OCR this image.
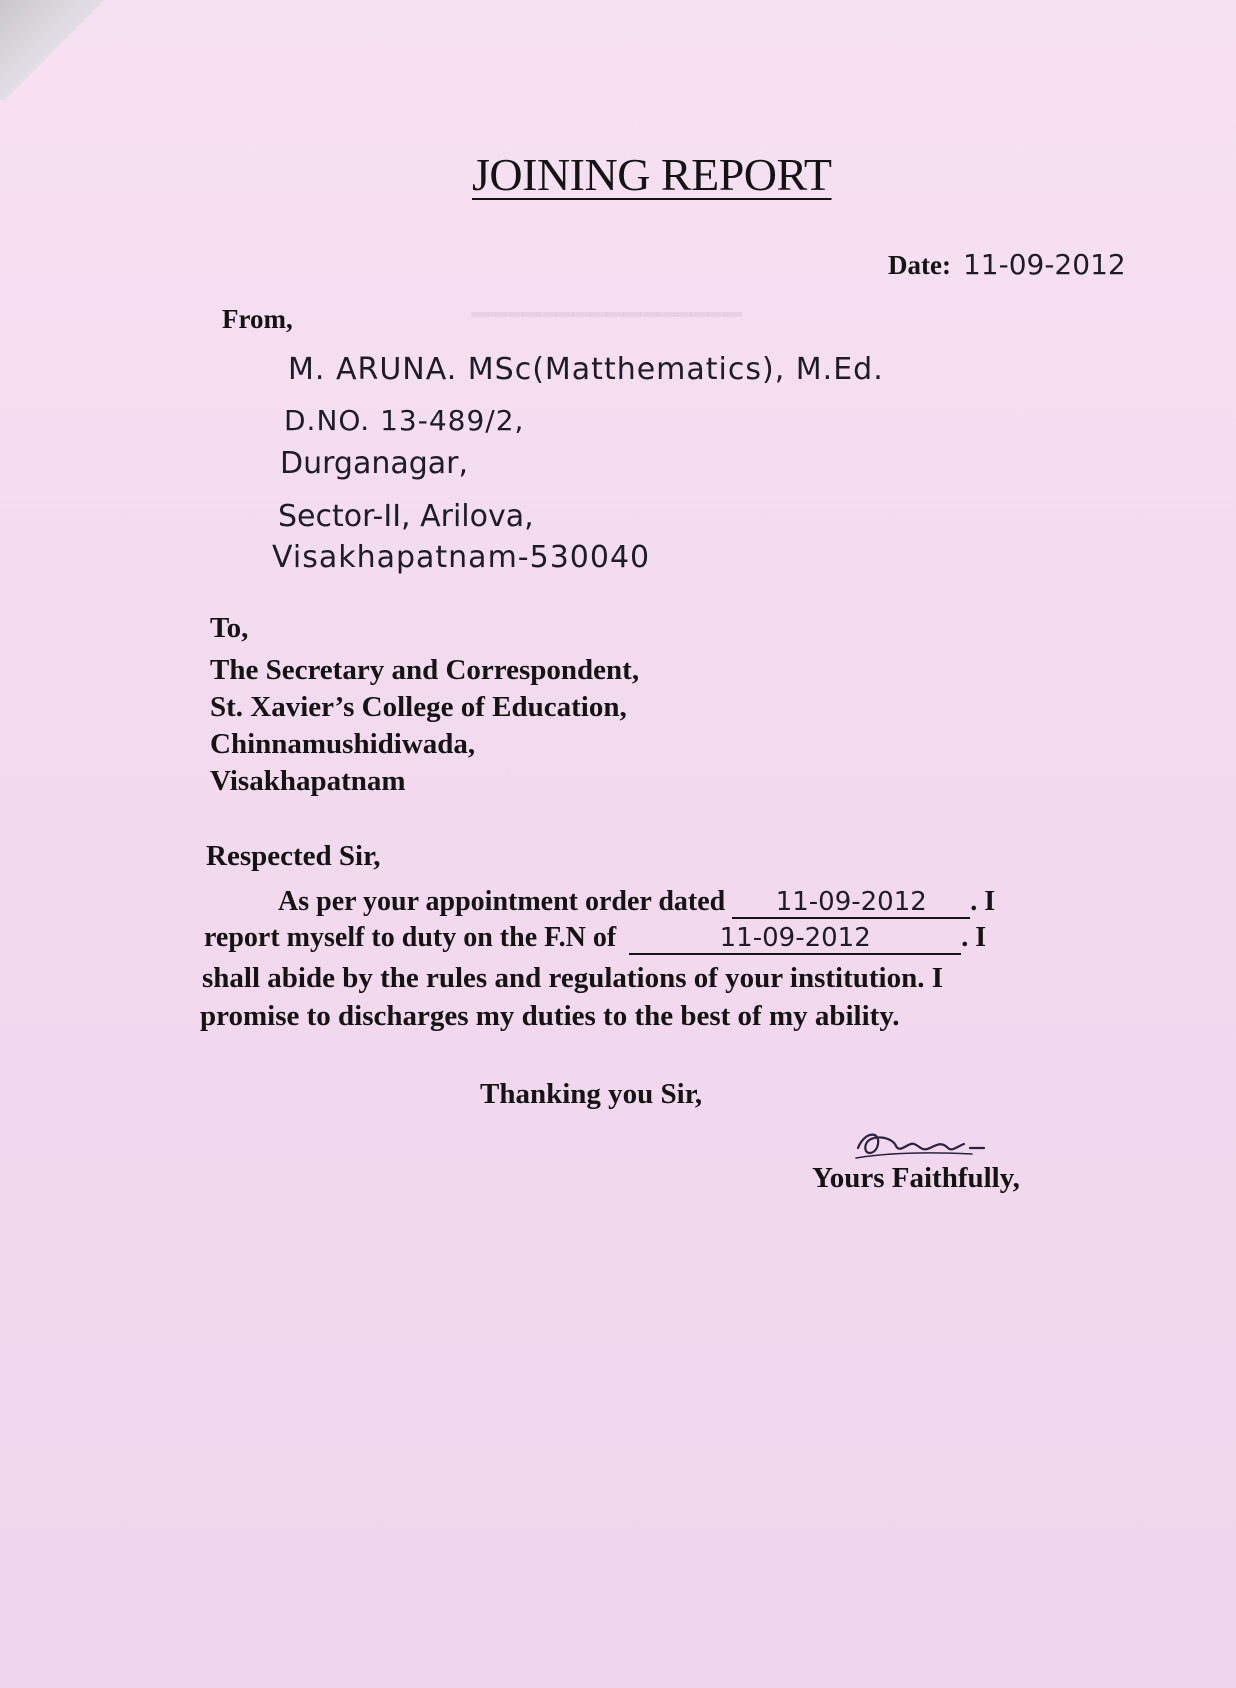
━━━━━━━━━━━━━━━━
JOINING REPORT
Date: 11-09-2012
From,
M. ARUNA. MSc(Matthematics), M.Ed.
D.NO. 13-489/2,
Durganagar,
Sector-II, Arilova,
Visakhapatnam-530040
To,
The Secretary and Correspondent,
St. Xavier’s College of Education,
Chinnamushidiwada,
Visakhapatnam
Respected Sir,
As per your appointment order dated 11-09-2012 . I
report myself to duty on the F.N of	11-09-2012	. I
shall abide by the rules and regulations of your institution. I
promise to discharges my duties to the best of my ability.
Thanking you Sir,
Yours Faithfully,
